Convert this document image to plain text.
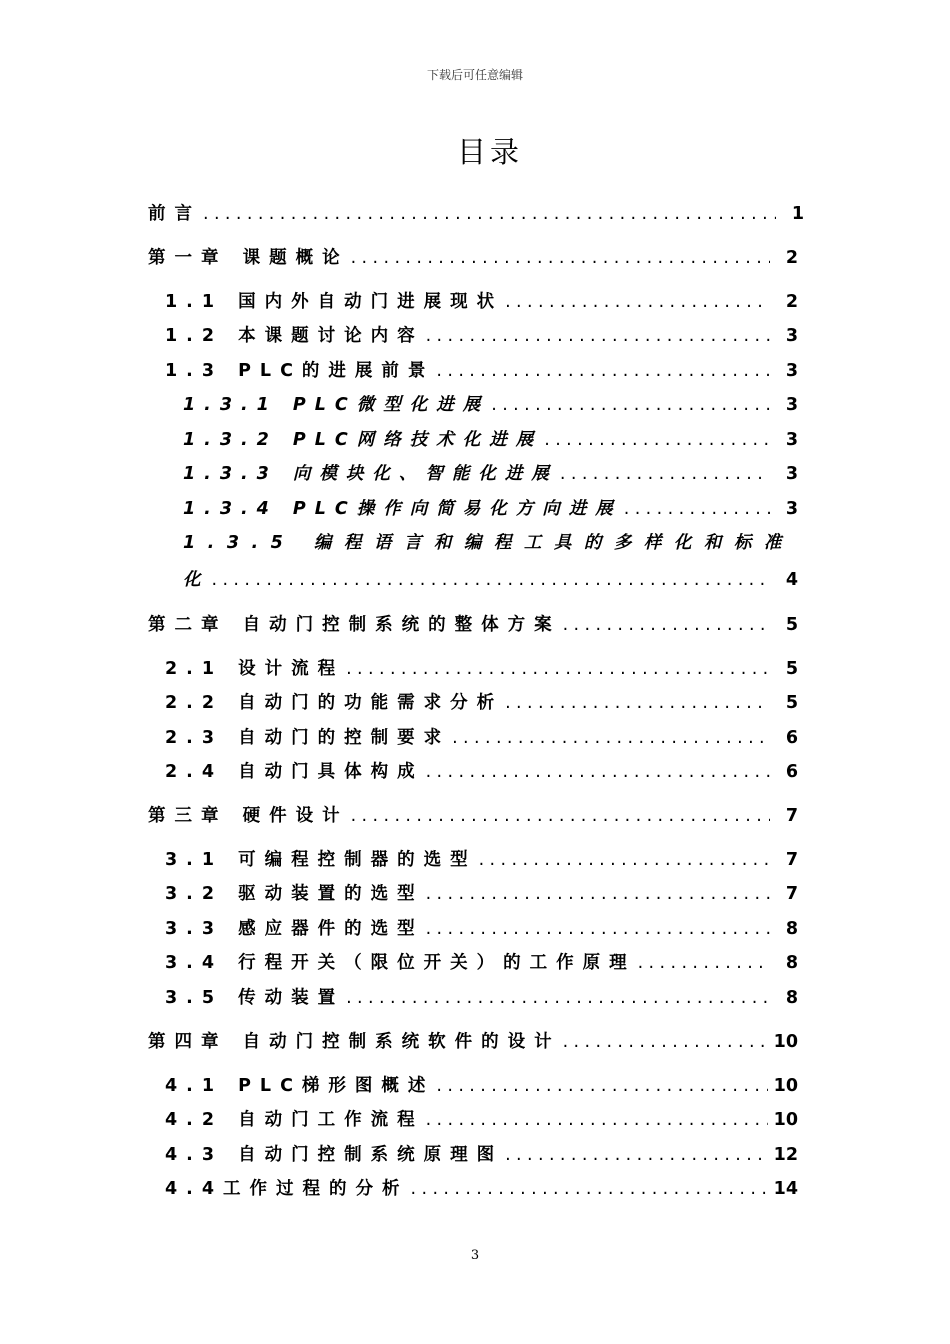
下载后可任意编辑
目录
前言 .....	1
第一章 课题概论 .....	2
1.1 国内外自动门进展现状 .....	2
1.2 本课题讨论内容 .....	3
1.3 PLC的进展前景 .....	3
1.3.1 PLC微型化进展 .....	3
1.3.2 PLC网络技术化进展 .....	3
1.3.3 向模块化、智能化进展 .....	3
1.3.4 PLC操作向简易化方向进展 .....	3
1.3.5 编程语言和编程工具的多样化和标准
化 .....	4
第二章 自动门控制系统的整体方案 .....	5
2.1 设计流程 .....	5
2.2 自动门的功能需求分析 .....	5
2.3 自动门的控制要求 .....	6
2.4 自动门具体构成 .....	6
第三章 硬件设计 .....	7
3.1 可编程控制器的选型 .....	7
3.2 驱动装置的选型 .....	7
3.3 感应器件的选型 .....	8
3.4 行程开关（限位开关）的工作原理 .....	8
3.5 传动装置 .....	8
第四章 自动门控制系统软件的设计 .....	10
4.1 PLC梯形图概述 .....	10
4.2 自动门工作流程 .....	10
4.3 自动门控制系统原理图 .....	12
4.4工作过程的分析 .....	14
3
